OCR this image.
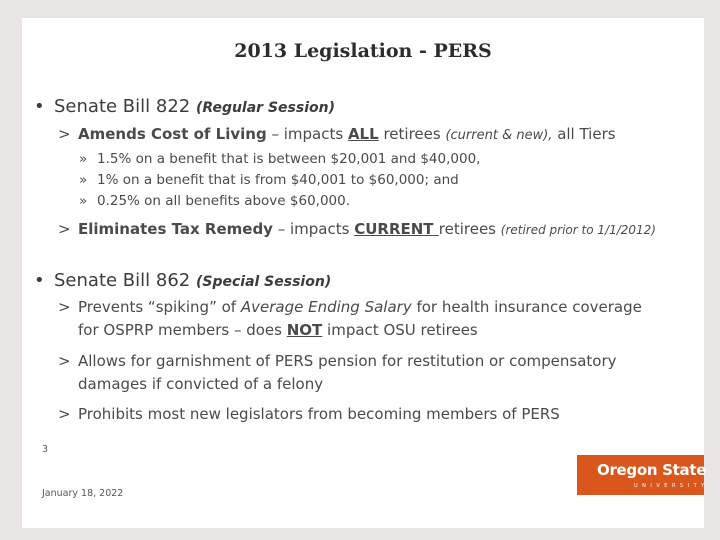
2013 Legislation - PERS
• Senate Bill 822 (Regular Session)
> Amends Cost of Living – impacts ALL retirees (current & new), all Tiers
» 1.5% on a benefit that is between $20,001 and $40,000,
» 1% on a benefit that is from $40,001 to $60,000; and
» 0.25% on all benefits above $60,000.
> Eliminates Tax Remedy – impacts CURRENT retirees (retired prior to 1/1/2012)
• Senate Bill 862 (Special Session)
> Prevents “spiking” of Average Ending Salary for health insurance coverage
for OSPRP members – does NOT impact OSU retirees
> Allows for garnishment of PERS pension for restitution or compensatory
damages if convicted of a felony
> Prohibits most new legislators from becoming members of PERS
3
January 18, 2022
Oregon State
UNIVERSITY
